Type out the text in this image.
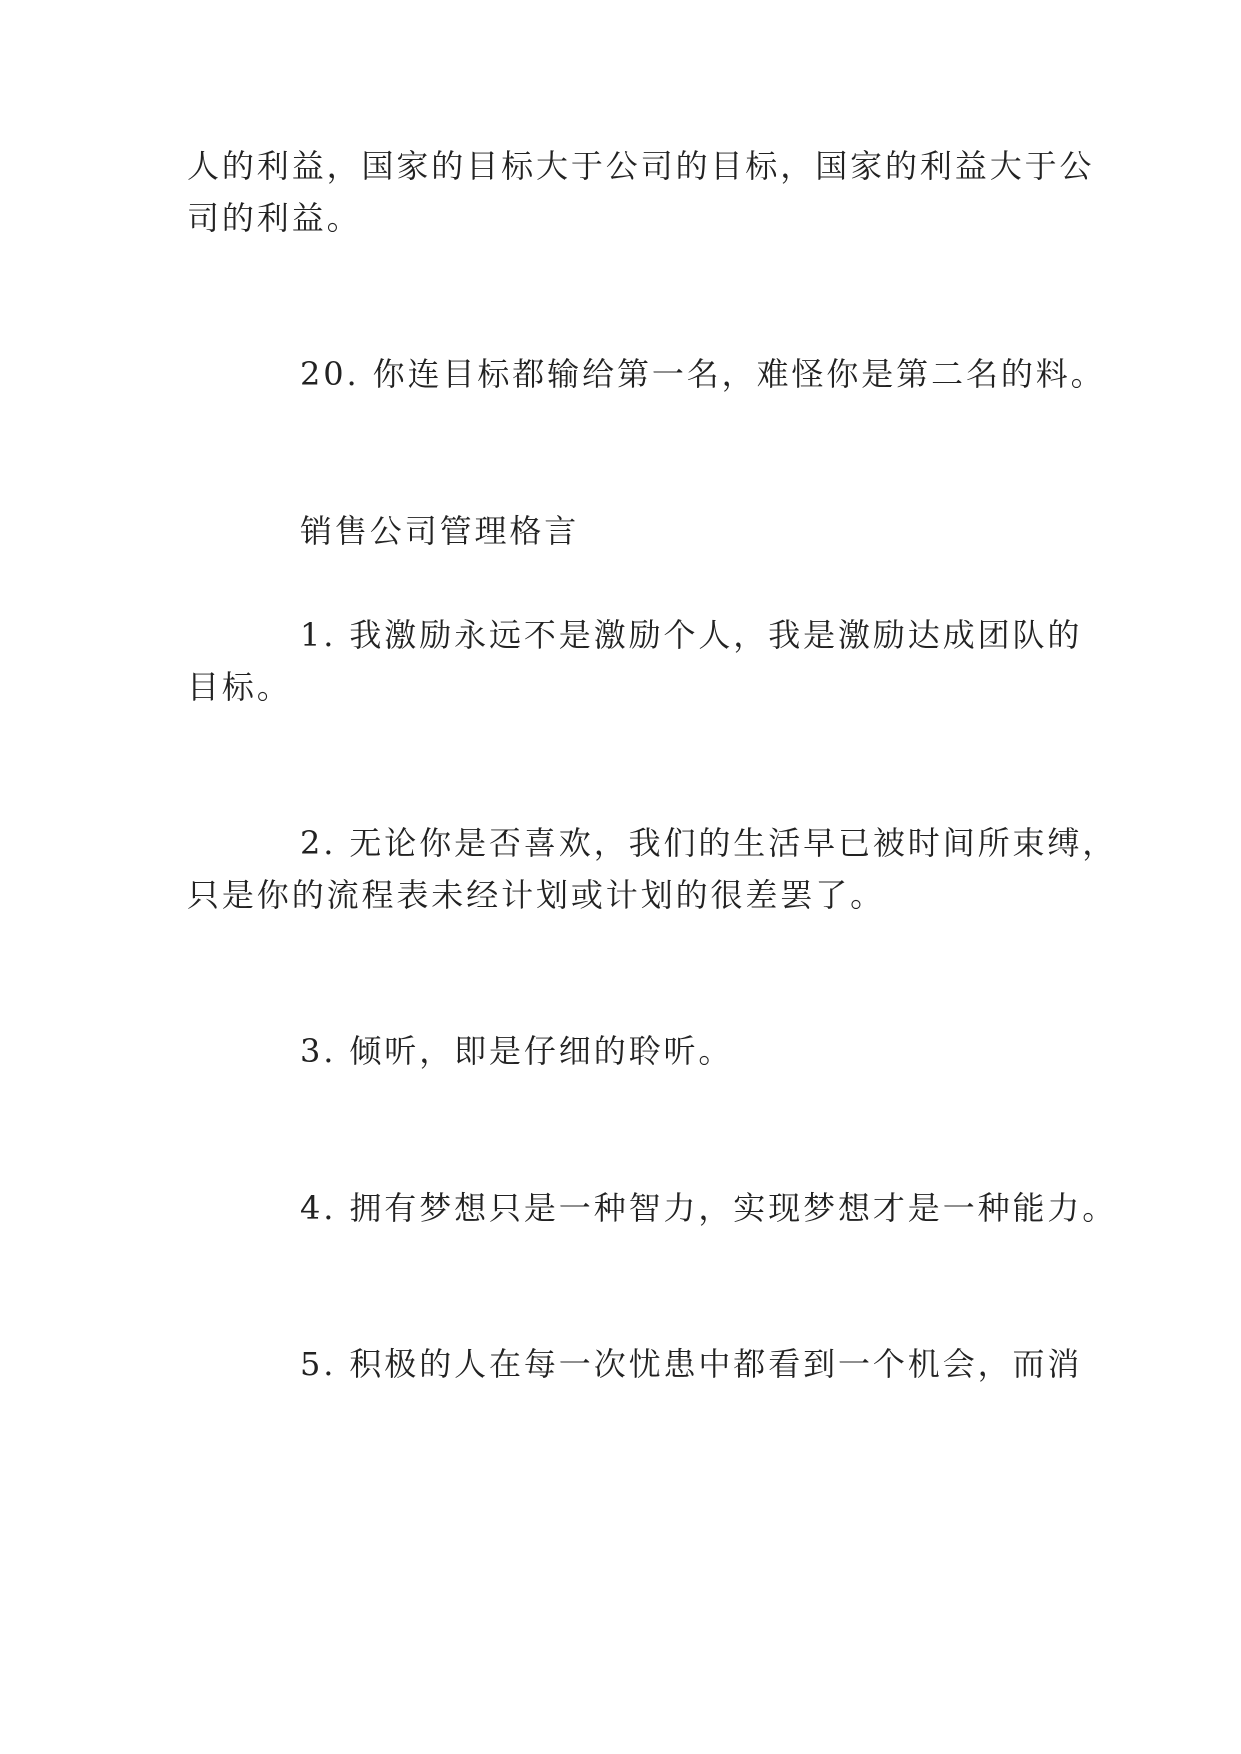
人的利益，国家的目标大于公司的目标，国家的利益大于公

司的利益。

20. 你连目标都输给第一名，难怪你是第二名的料。

销售公司管理格言

1. 我激励永远不是激励个人，我是激励达成团队的

目标。

2. 无论你是否喜欢，我们的生活早已被时间所束缚，

只是你的流程表未经计划或计划的很差罢了。

3. 倾听，即是仔细的聆听。

4. 拥有梦想只是一种智力，实现梦想才是一种能力。

5. 积极的人在每一次忧患中都看到一个机会，而消
